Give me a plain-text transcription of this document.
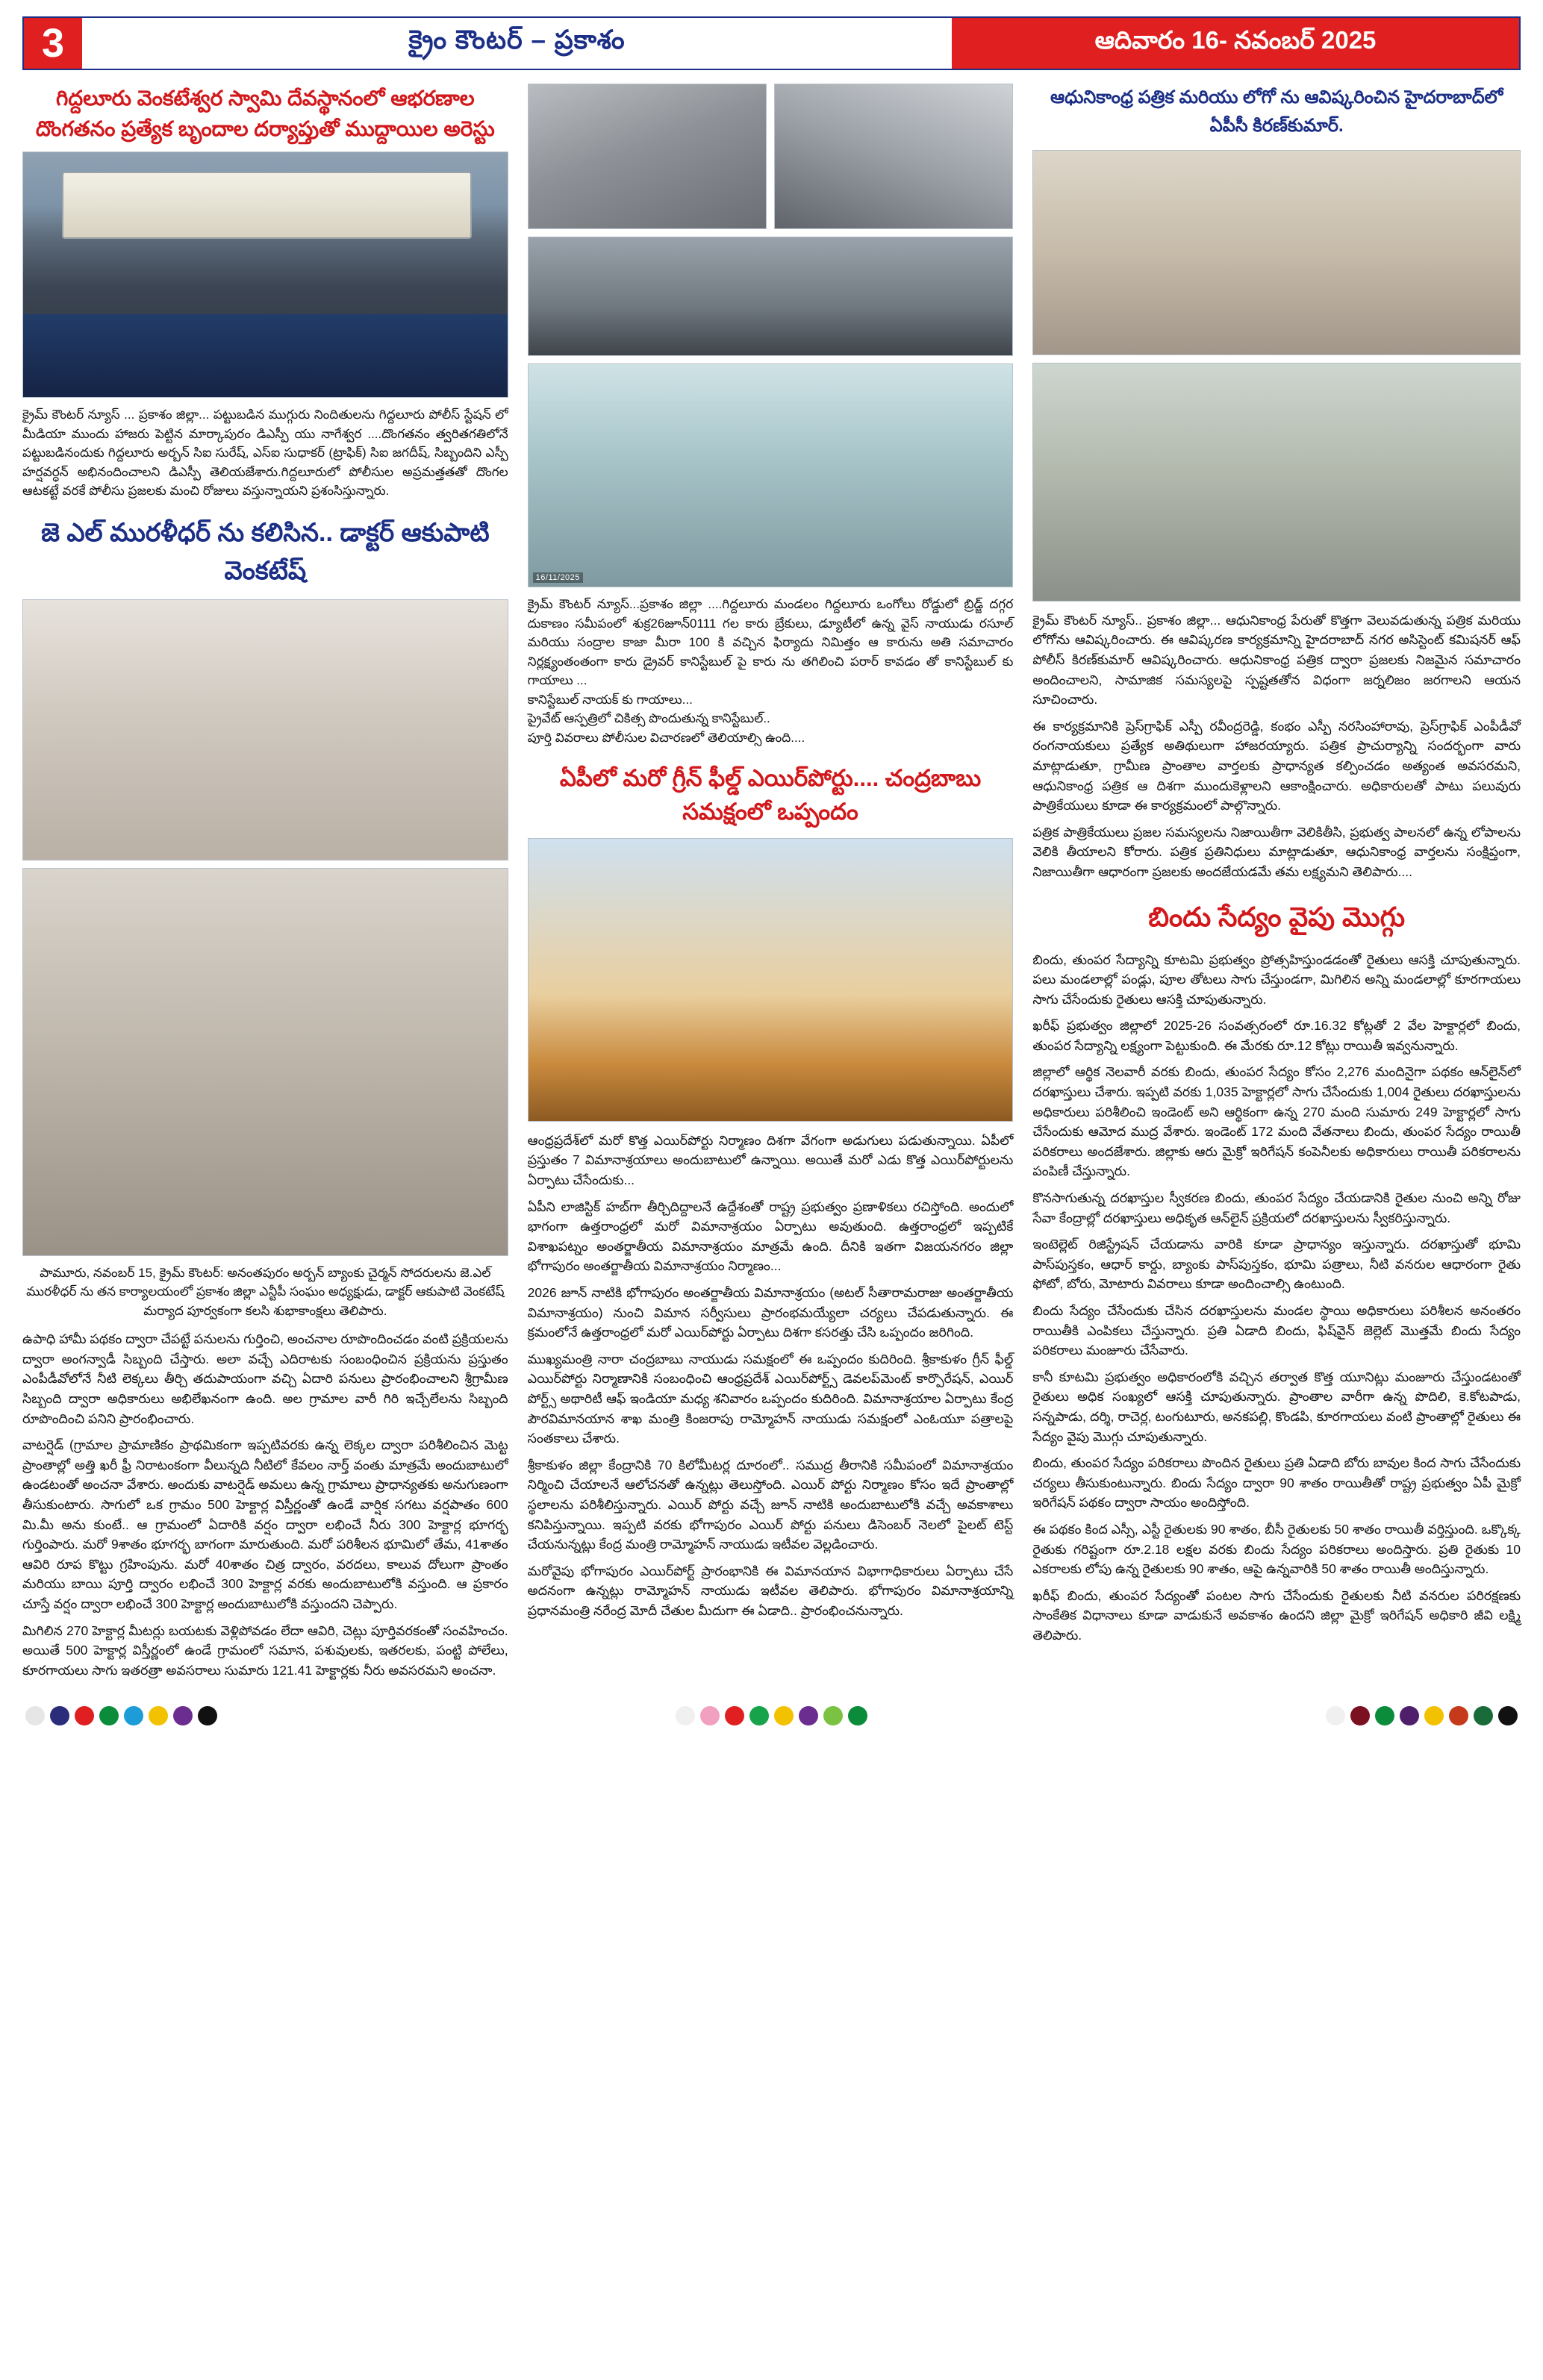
3	క్రైం కౌంటర్ – ప్రకాశం	ఆదివారం 16- నవంబర్ 2025
గిద్దలూరు వెంకటేశ్వర స్వామి దేవస్థానంలో ఆభరణాల దొంగతనం ప్రత్యేక బృందాల దర్యాప్తుతో ముద్దాయిల అరెస్టు
క్రైమ్ కౌంటర్ న్యూస్ ... ప్రకాశం జిల్లా... పట్టుబడిన ముగ్గురు నిందితులను గిద్దలూరు పోలీస్ స్టేషన్ లో మీడియా ముందు హాజరు పెట్టిన మార్కాపురం డిఎస్పీ యు నాగేశ్వర ....దొంగతనం త్వరితగతిలోనే పట్టుబడినందుకు గిద్దలూరు అర్బన్ సిఐ సురేష్, ఎస్ఐ సుధాకర్ (ట్రాఫిక్) సిఐ జగదీష్, సిబ్బందిని ఎస్పీ హర్షవర్ధన్ అభినందించాలని డిఎస్పీ తెలియజేశారు.గిద్దలూరులో పోలీసుల అప్రమత్తతతో దొంగల ఆటకట్టే వరకే పోలీసు ప్రజలకు మంచి రోజులు వస్తున్నాయని ప్రశంసిస్తున్నారు.
జె ఎల్ మురళీధర్ ను కలిసిన.. డాక్టర్ ఆకుపాటి వెంకటేష్
పామూరు, నవంబర్ 15, క్రైమ్ కౌంటర్: అనంతపురం అర్బన్ బ్యాంకు చైర్మన్ సోదరులను జె.ఎల్ మురళీధర్ ను తన కార్యాలయంలో ప్రకాశం జిల్లా ఎన్టీపీ సంఘం అధ్యక్షుడు, డాక్టర్ ఆకుపాటి వెంకటేష్ మర్యాద పూర్వకంగా కలసి శుభాకాంక్షలు తెలిపారు.

ఉపాధి హామీ పథకం ద్వారా చేపట్టే పనులను గుర్తించి, అంచనాల రూపొందించడం వంటి ప్రక్రియలను ద్వారా అంగన్వాడీ సిబ్బంది చేస్తారు. అలా వచ్చే ఎదిరాటకు సంబంధించిన ప్రక్రియను ప్రస్తుతం ఎంపీడీవోలోనే నీటి లెక్కలు తీర్చి తదుపాయంగా వచ్చి ఏదారి పనులు ప్రారంభించాలని శ్రీగ్రామీణ సిబ్బంది ద్వారా అధికారులు అభిలేఖనంగా ఉంది. అల గ్రామాల వారీ గిరి ఇచ్చేలేలను సిబ్బంది రూపొందించి పనిని ప్రారంభించారు.

వాటర్షెడ్ (గ్రామాల ప్రామాణికం ప్రాథమికంగా ఇప్పటివరకు ఉన్న లెక్కల ద్వారా పరిశీలించిన మెట్ట ప్రాంతాల్లో అత్తి ఖరీ ఫ్రీ నిరాటంకంగా వీలున్నది నీటిలో కేవలం నార్త్ వంతు మాత్రమే అందుబాటులో ఉండటంతో అంచనా వేశారు. అందుకు వాటర్షెడ్ అమలు ఉన్న గ్రామాలు ప్రాధాన్యతకు అనుగుణంగా తీసుకుంటారు. సాగులో ఒక గ్రామం 500 హెక్టార్ల విస్తీర్ణంతో ఉండే వార్షిక సగటు వర్షపాతం 600 మి.మీ అను కుంటే.. ఆ గ్రామంలో ఏదారికి వర్షం ద్వారా లభించే నీరు 300 హెక్టార్ల భూగర్భ గుర్తింపారు. మరో 9శాతం భూగర్భ బాగంగా మారుతుంది. మరో పరిశీలన భూమిలో తేమ, 41శాతం ఆవిరి రూప కొట్టు గ్రహింపును. మరో 40శాతం చిత్ర ద్వారం, వరదలు, కాలువ దోలుగా ప్రాంతం మరియు బాయి పూర్తి ద్వారం లభించే 300 హెక్టార్ల వరకు అందుబాటులోకి వస్తుంది. ఆ ప్రకారం చూస్తే వర్షం ద్వారా లభించే 300 హెక్టార్ల అందుబాటులోకి వస్తుందని చెప్పారు.

మిగిలిన 270 హెక్టార్ల మీటర్లు బయటకు వెళ్లిపోవడం లేదా ఆవిరి, చెట్లు పూర్తివరకంతో సంవహించం. అయితే 500 హెక్టార్ల విస్తీర్ణంలో ఉండే గ్రామంలో సమాన, పశువులకు, ఇతరలకు, పంట్టి పోలేలు, కూరగాయలు సాగు ఇతరత్రా అవసరాలు సుమారు 121.41 హెక్టార్లకు నీరు అవసరమని అంచనా.

16/11/2025

క్రైమ్ కౌంటర్ న్యూస్...ప్రకాశం జిల్లా ....గిద్దలూరు మండలం గిద్దలూరు ఒంగోలు రోడ్డులో బ్రిడ్జ్ దగ్గర దుకాణం సమీపంలో శుక్ర26జూన్0111 గల కారు బ్రేకులు, డ్యూటీలో ఉన్న వైస్ నాయుడు రసూల్ మరియు సంద్రాల కాజా మీరా 100 కి వచ్చిన ఫిర్యాదు నిమిత్తం ఆ కారును అతి సమాచారం నిర్లక్ష్యంతంతంగా కారు డ్రైవర్ కానిస్టేబుల్ పై కారు ను తగిలించి పరార్ కావడం తో కానిస్టేబుల్ కు గాయాలు ...

కానిస్టేబుల్ నాయక్ కు గాయాలు...

ప్రైవేట్ ఆస్పత్రిలో చికిత్స పొందుతున్న కానిస్టేబుల్..

పూర్తి వివరాలు పోలీసుల విచారణలో తెలియాల్సి ఉంది....

ఏపీలో మరో గ్రీన్ ఫీల్డ్ ఎయిర్‌పోర్టు.... చంద్రబాబు సమక్షంలో ఒప్పందం

ఆంధ్రప్రదేశ్‌లో మరో కొత్త ఎయిర్‌పోర్టు నిర్మాణం దిశగా వేగంగా అడుగులు పడుతున్నాయి. ఏపీలో ప్రస్తుతం 7 విమానాశ్రయాలు అందుబాటులో ఉన్నాయి. అయితే మరో ఎడు కొత్త ఎయిర్‌పోర్టులను ఏర్పాటు చేసేందుకు...

ఏపీని లాజిస్టిక్ హబ్‌గా తీర్చిదిద్దాలనే ఉద్దేశంతో రాష్ట్ర ప్రభుత్వం ప్రణాళికలు రచిస్తోంది. అందులో భాగంగా ఉత్తరాంధ్రలో మరో విమానాశ్రయం ఏర్పాటు అవుతుంది. ఉత్తరాంధ్రలో ఇప్పటికే విశాఖపట్నం అంతర్జాతీయ విమానాశ్రయం మాత్రమే ఉంది. దీనికి ఇతగా విజయనగరం జిల్లా భోగాపురం అంతర్జాతీయ విమానాశ్రయం నిర్మాణం...

2026 జూన్ నాటికి భోగాపురం అంతర్జాతీయ విమానాశ్రయం (అటల్ సీతారామరాజు అంతర్జాతీయ విమానాశ్రయం) నుంచి విమాన సర్వీసులు ప్రారంభమయ్యేలా చర్యలు చేపడుతున్నారు. ఈ క్రమంలోనే ఉత్తరాంధ్రలో మరో ఎయిర్‌పోర్టు ఏర్పాటు దిశగా కసరత్తు చేసి ఒప్పందం జరిగింది.

ముఖ్యమంత్రి నారా చంద్రబాబు నాయుడు సమక్షంలో ఈ ఒప్పందం కుదిరింది. శ్రీకాకుళం గ్రీన్ ఫీల్డ్ ఎయిర్‌పోర్టు నిర్మాణానికి సంబంధించి ఆంధ్రప్రదేశ్ ఎయిర్‌పోర్ట్స్ డెవలప్‌మెంట్ కార్పొరేషన్, ఎయిర్ పోర్ట్స్ అథారిటీ ఆఫ్ ఇండియా మధ్య శనివారం ఒప్పందం కుదిరింది. విమానాశ్రయాల ఏర్పాటు కేంద్ర పౌరవిమానయాన శాఖ మంత్రి కింజరాపు రామ్మోహన్ నాయుడు సమక్షంలో ఎంఓయూ పత్రాలపై సంతకాలు చేశారు.

శ్రీకాకుళం జిల్లా కేంద్రానికి 70 కిలోమీటర్ల దూరంలో.. సముద్ర తీరానికి సమీపంలో విమానాశ్రయం నిర్మించి చేయాలనే ఆలోచనతో ఉన్నట్లు తెలుస్తోంది. ఎయిర్ పోర్టు నిర్మాణం కోసం ఇదే ప్రాంతాల్లో స్థలాలను పరిశీలిస్తున్నారు. ఎయిర్ పోర్టు వచ్చే జూన్ నాటికి అందుబాటులోకి వచ్చే అవకాశాలు కనిపిస్తున్నాయి. ఇప్పటి వరకు భోగాపురం ఎయిర్ పోర్టు పనులు డిసెంబర్ నెలలో పైలట్ టెస్ట్ చేయనున్నట్లు కేంద్ర మంత్రి రామ్మోహన్ నాయుడు ఇటీవల వెల్లడించారు.

మరోవైపు భోగాపురం ఎయిర్‌పోర్ట్ ప్రారంభానికి ఈ విమానయాన విభాగాధికారులు ఏర్పాటు చేసే అదనంగా ఉన్నట్లు రామ్మోహన్ నాయుడు ఇటీవల తెలిపారు. భోగాపురం విమానాశ్రయాన్ని ప్రధానమంత్రి నరేంద్ర మోదీ చేతుల మీదుగా ఈ ఏడాది.. ప్రారంభించనున్నారు.

ఆధునికాంధ్ర పత్రిక మరియు లోగో ను ఆవిష్కరించిన హైదరాబాద్‌లో ఏపీసీ కిరణ్‌కుమార్.

క్రైమ్ కౌంటర్ న్యూస్.. ప్రకాశం జిల్లా... ఆధునికాంధ్ర పేరుతో కొత్తగా వెలువడుతున్న పత్రిక మరియు లోగోను ఆవిష్కరించారు. ఈ ఆవిష్కరణ కార్యక్రమాన్ని హైదరాబాద్ నగర అసిస్టెంట్ కమిషనర్ ఆఫ్ పోలీస్ కిరణ్‌కుమార్ ఆవిష్కరించారు. ఆధునికాంధ్ర పత్రిక ద్వారా ప్రజలకు నిజమైన సమాచారం అందించాలని, సామాజిక సమస్యలపై స్పష్టతతోన విధంగా జర్నలిజం జరగాలని ఆయన సూచించారు.

ఈ కార్యక్రమానికి ప్రెస్‌గ్రాఫిక్ ఎస్పీ రవీంద్రరెడ్డి, కంభం ఎస్పీ నరసింహారావు, ప్రెస్‌గ్రాఫిక్ ఎంపీడీవో రంగనాయకులు ప్రత్యేక అతిథులుగా హాజరయ్యారు. పత్రిక ప్రాచుర్యాన్ని సందర్భంగా వారు మాట్లాడుతూ, గ్రామీణ ప్రాంతాల వార్తలకు ప్రాధాన్యత కల్పించడం అత్యంత అవసరమని, ఆధునికాంధ్ర పత్రిక ఆ దిశగా ముందుకెళ్లాలని ఆకాంక్షించారు. అధికారులతో పాటు పలువురు పాత్రికేయులు కూడా ఈ కార్యక్రమంలో పాల్గొన్నారు.

పత్రిక పాత్రికేయులు ప్రజల సమస్యలను నిజాయితీగా వెలికితీసి, ప్రభుత్వ పాలనలో ఉన్న లోపాలను వెలికి తీయాలని కోరారు. పత్రిక ప్రతినిధులు మాట్లాడుతూ, ఆధునికాంధ్ర వార్తలను సంక్షిప్తంగా, నిజాయితీగా ఆధారంగా ప్రజలకు అందజేయడమే తమ లక్ష్యమని తెలిపారు....

బిందు సేద్యం వైపు మొగ్గు

బిందు, తుంపర సేద్యాన్ని కూటమి ప్రభుత్వం ప్రోత్సహిస్తుండడంతో రైతులు ఆసక్తి చూపుతున్నారు. పలు మండలాల్లో పండ్లు, పూల తోటలు సాగు చేస్తుండగా, మిగిలిన అన్ని మండలాల్లో కూరగాయలు సాగు చేసేందుకు రైతులు ఆసక్తి చూపుతున్నారు.

ఖరీఫ్ ప్రభుత్వం జిల్లాలో 2025-26 సంవత్సరంలో రూ.16.32 కోట్లతో 2 వేల హెక్టార్లలో బిందు, తుంపర సేద్యాన్ని లక్ష్యంగా పెట్టుకుంది. ఈ మేరకు రూ.12 కోట్లు రాయితీ ఇవ్వనున్నారు.

జిల్లాలో ఆర్థిక నెలవారీ వరకు బిందు, తుంపర సేద్యం కోసం 2,276 మందినైగా పథకం ఆన్‌లైన్‌లో దరఖాస్తులు చేశారు. ఇప్పటి వరకు 1,035 హెక్టార్లలో సాగు చేసేందుకు 1,004 రైతులు దరఖాస్తులను అధికారులు పరిశీలించి ఇండెంట్ అని ఆర్థికంగా ఉన్న 270 మంది సుమారు 249 హెక్టార్లలో సాగు చేసేందుకు ఆమోద ముద్ర వేశారు. ఇండెంట్ 172 మంది వేతనాలు బిందు, తుంపర సేద్యం రాయితీ పరికరాలు అందజేశారు. జిల్లాకు ఆరు మైక్రో ఇరిగేషన్ కంపెనీలకు అధికారులు రాయితీ పరికరాలను పంపిణీ చేస్తున్నారు.

కొనసాగుతున్న దరఖాస్తుల స్వీకరణ బిందు, తుంపర సేద్యం చేయడానికి రైతుల నుంచి అన్ని రోజు సేవా కేంద్రాల్లో దరఖాస్తులు అధికృత ఆన్‌లైన్ ప్రక్రియలో దరఖాస్తులను స్వీకరిస్తున్నారు.

ఇంటెల్లెట్ రిజిస్ట్రేషన్ చేయడాను వారికి కూడా ప్రాధాన్యం ఇస్తున్నారు. దరఖాస్తుతో భూమి పాస్‌పుస్తకం, ఆధార్ కార్డు, బ్యాంకు పాస్‌పుస్తకం, భూమి పత్రాలు, నీటి వనరుల ఆధారంగా రైతు ఫోటో, బోరు, మోటారు వివరాలు కూడా అందించాల్సి ఉంటుంది.

బిందు సేద్యం చేసేందుకు చేసిన దరఖాస్తులను మండల స్థాయి అధికారులు పరిశీలన అనంతరం రాయితీకి ఎంపికలు చేస్తున్నారు. ప్రతి ఏడాది బిందు, ఫిష్‌వైన్ జెల్లెట్ మొత్తమే బిందు సేద్యం పరికరాలు మంజూరు చేసేవారు.

కానీ కూటమి ప్రభుత్వం అధికారంలోకి వచ్చిన తర్వాత కొత్త యూనిట్లు మంజూరు చేస్తుండటంతో రైతులు అధిక సంఖ్యలో ఆసక్తి చూపుతున్నారు. ప్రాంతాల వారీగా ఉన్న పొదిలి, కె.కోటపాడు, సన్నపాడు, దర్శి, రాచెర్ల, టంగుటూరు, అనకపల్లి, కొండపి, కూరగాయలు వంటి ప్రాంతాల్లో రైతులు ఈ సేద్యం వైపు మొగ్గు చూపుతున్నారు.

బిందు, తుంపర సేద్యం పరికరాలు పొందిన రైతులు ప్రతి ఏడాది బోరు బావుల కింద సాగు చేసేందుకు చర్యలు తీసుకుంటున్నారు. బిందు సేద్యం ద్వారా 90 శాతం రాయితీతో రాష్ట్ర ప్రభుత్వం ఏపీ మైక్రో ఇరిగేషన్ పథకం ద్వారా సాయం అందిస్తోంది.

ఈ పథకం కింద ఎస్సీ, ఎస్టీ రైతులకు 90 శాతం, బీసీ రైతులకు 50 శాతం రాయితీ వర్తిస్తుంది. ఒక్కొక్క రైతుకు గరిష్టంగా రూ.2.18 లక్షల వరకు బిందు సేద్యం పరికరాలు అందిస్తారు. ప్రతి రైతుకు 10 ఎకరాలకు లోపు ఉన్న రైతులకు 90 శాతం, ఆపై ఉన్నవారికి 50 శాతం రాయితీ అందిస్తున్నారు.

ఖరీఫ్ బిందు, తుంపర సేద్యంతో పంటల సాగు చేసేందుకు రైతులకు నీటి వనరుల పరిరక్షణకు సాంకేతిక విధానాలు కూడా వాడుకునే అవకాశం ఉందని జిల్లా మైక్రో ఇరిగేషన్ అధికారి జీవి లక్ష్మి తెలిపారు.
